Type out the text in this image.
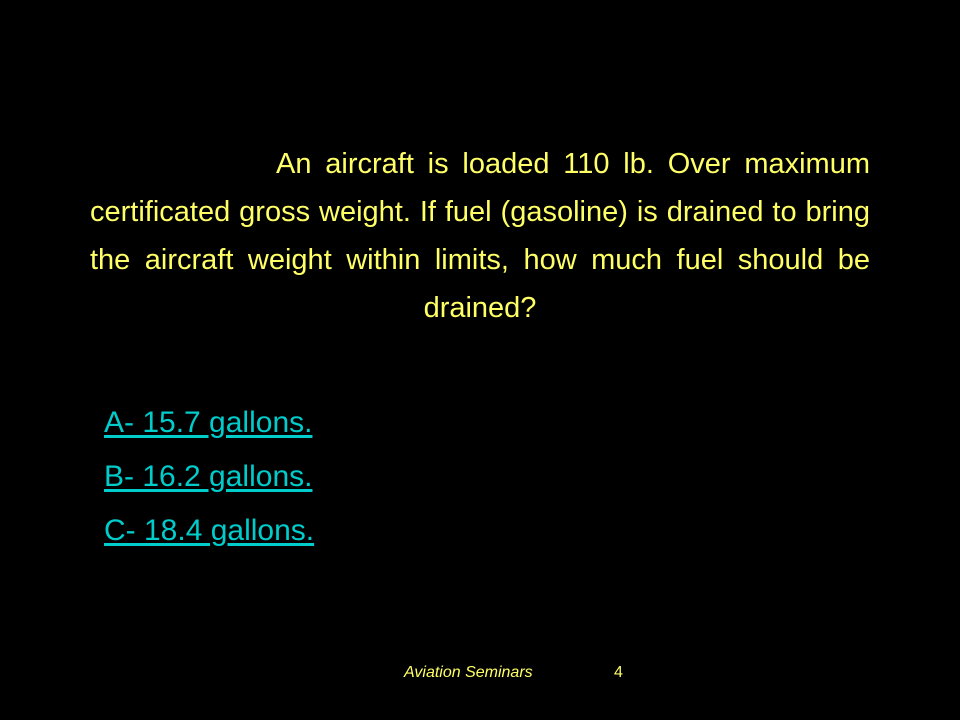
An aircraft is loaded 110 lb. Over maximum certificated gross weight. If fuel (gasoline) is drained to bring the aircraft weight within limits, how much fuel should be drained?

A- 15.7 gallons.
B- 16.2 gallons.
C- 18.4 gallons.
Aviation Seminars	4
